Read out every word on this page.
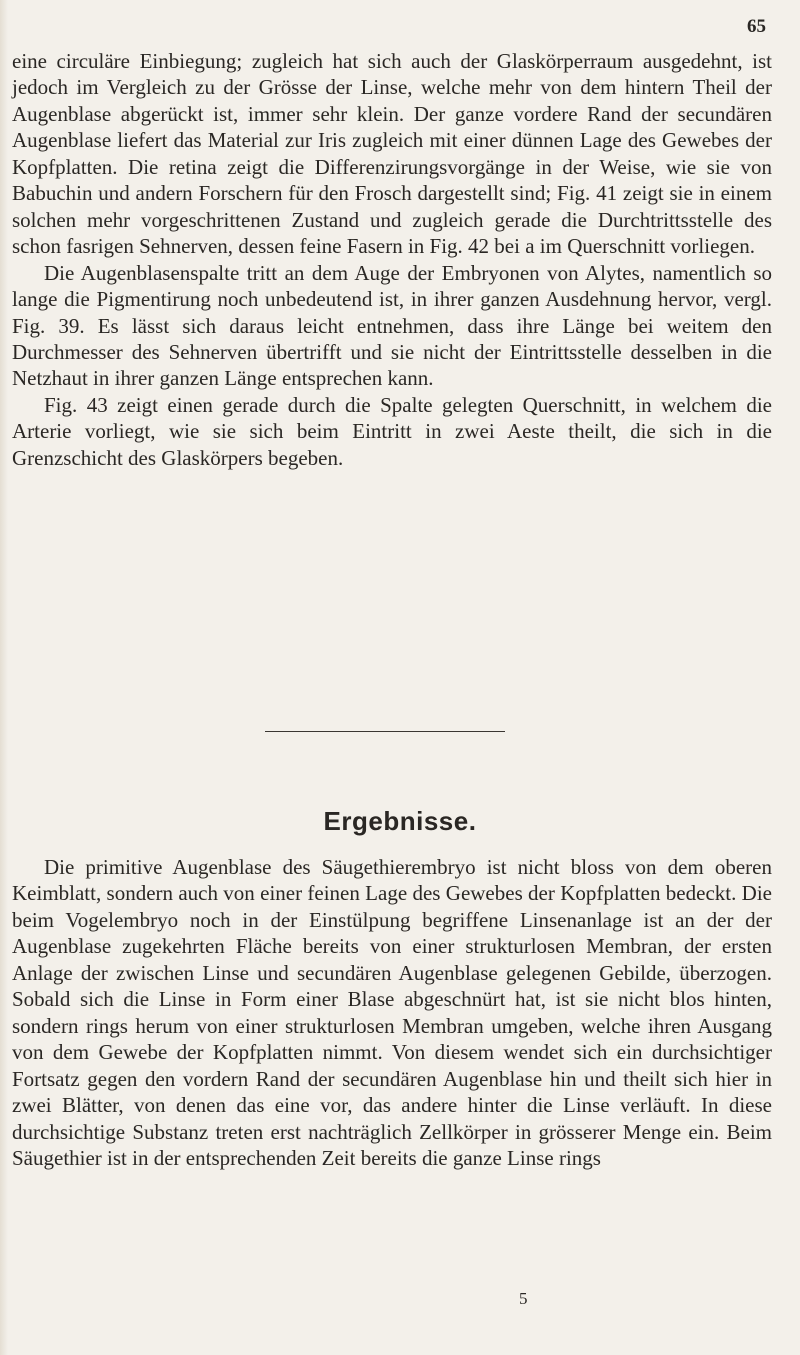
65

eine circuläre Einbiegung; zugleich hat sich auch der Glaskörperraum ausgedehnt, ist jedoch im Vergleich zu der Grösse der Linse, welche mehr von dem hintern Theil der Augenblase abgerückt ist, immer sehr klein. Der ganze vordere Rand der secundären Augenblase liefert das Material zur Iris zugleich mit einer dünnen Lage des Gewebes der Kopfplatten. Die retina zeigt die Differenzirungsvorgänge in der Weise, wie sie von Babuchin und andern Forschern für den Frosch dargestellt sind; Fig. 41 zeigt sie in einem solchen mehr vorgeschrittenen Zustand und zugleich gerade die Durchtrittsstelle des schon fasrigen Sehnerven, dessen feine Fasern in Fig. 42 bei a im Querschnitt vorliegen.

Die Augenblasenspalte tritt an dem Auge der Embryonen von Alytes, namentlich so lange die Pigmentirung noch unbedeutend ist, in ihrer ganzen Ausdehnung hervor, vergl. Fig. 39. Es lässt sich daraus leicht entnehmen, dass ihre Länge bei weitem den Durchmesser des Sehnerven übertrifft und sie nicht der Eintrittsstelle desselben in die Netzhaut in ihrer ganzen Länge entsprechen kann.

Fig. 43 zeigt einen gerade durch die Spalte gelegten Querschnitt, in welchem die Arterie vorliegt, wie sie sich beim Eintritt in zwei Aeste theilt, die sich in die Grenzschicht des Glaskörpers begeben.

Ergebnisse.

Die primitive Augenblase des Säugethierembryo ist nicht bloss von dem oberen Keimblatt, sondern auch von einer feinen Lage des Gewebes der Kopfplatten bedeckt. Die beim Vogelembryo noch in der Einstülpung begriffene Linsenanlage ist an der der Augenblase zugekehrten Fläche bereits von einer strukturlosen Membran, der ersten Anlage der zwischen Linse und secundären Augenblase gelegenen Gebilde, überzogen. Sobald sich die Linse in Form einer Blase abgeschnürt hat, ist sie nicht blos hinten, sondern rings herum von einer strukturlosen Membran umgeben, welche ihren Ausgang von dem Gewebe der Kopfplatten nimmt. Von diesem wendet sich ein durchsichtiger Fortsatz gegen den vordern Rand der secundären Augenblase hin und theilt sich hier in zwei Blätter, von denen das eine vor, das andere hinter die Linse verläuft. In diese durchsichtige Substanz treten erst nachträglich Zellkörper in grösserer Menge ein. Beim Säugethier ist in der entsprechenden Zeit bereits die ganze Linse rings

5
